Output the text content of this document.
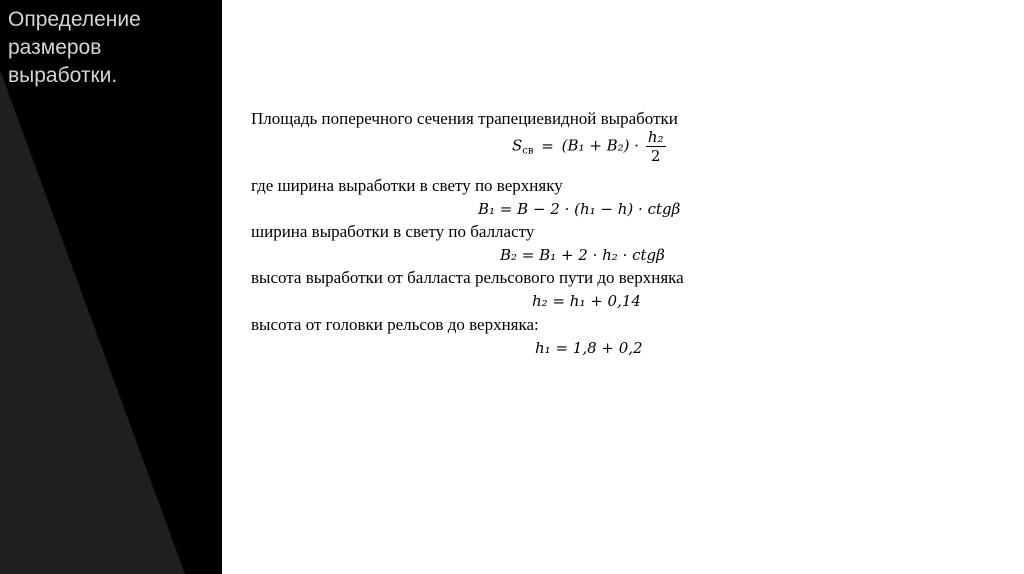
Определение
размеров
выработки.
Площадь поперечного сечения трапециевидной выработки
$S_{св} = (B_1 + B_2) \cdot \frac{\text{h₂}}{2}$
где ширина выработки в свету по верхняку
B₁ = B − 2 · (h₁ − h) · ctgβ
ширина выработки в свету по балласту
B₂ = B₁ + 2 · h₂ · ctgβ
высота выработки от балласта рельсового пути до верхняка
h₂ = h₁ + 0,14
высота от головки рельсов до верхняка:
h₁ = 1,8 + 0,2
